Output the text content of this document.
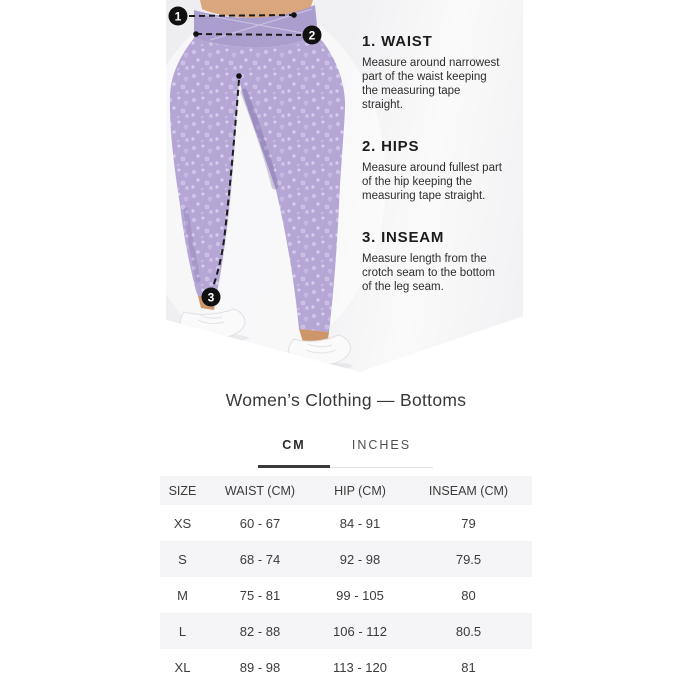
1
2
3
1. WAIST

Measure around narrowest part of the waist keeping the measuring tape straight.

2. HIPS

Measure around fullest part of the hip keeping the measuring tape straight.

3. INSEAM

Measure length from the crotch seam to the bottom of the leg seam.

Women’s Clothing — Bottoms
CM	INCHES
SIZE	WAIST (CM)	HIP (CM)	INSEAM (CM)
XS	60 - 67	84 - 91	79
S	68 - 74	92 - 98	79.5
M	75 - 81	99 - 105	80
L	82 - 88	106 - 112	80.5
XL	89 - 98	113 - 120	81
